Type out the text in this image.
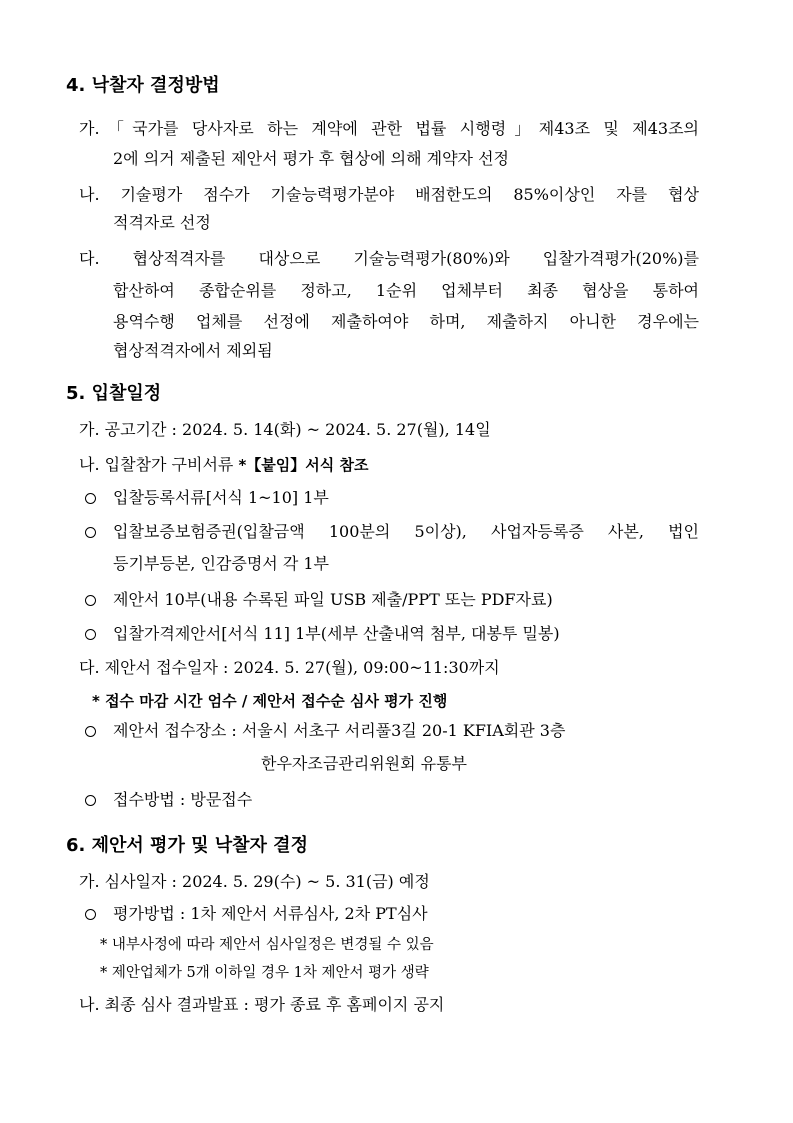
4. 낙찰자 결정방법
가.「국가를 당사자로 하는 계약에 관한 법률 시행령」제43조 및 제43조의
2에 의거 제출된 제안서 평가 후 협상에 의해 계약자 선정
나. 기술평가 점수가 기술능력평가분야 배점한도의 85%이상인 자를 협상
적격자로 선정
다. 협상적격자를 대상으로 기술능력평가(80%)와 입찰가격평가(20%)를
합산하여 종합순위를 정하고, 1순위 업체부터 최종 협상을 통하여
용역수행 업체를 선정에 제출하여야 하며, 제출하지 아니한 경우에는
협상적격자에서 제외됨
5. 입찰일정
가. 공고기간 : 2024. 5. 14(화) ~ 2024. 5. 27(월), 14일
나. 입찰참가 구비서류 *【붙임】서식 참조
입찰등록서류[서식 1~10] 1부
입찰보증보험증권(입찰금액 100분의 5이상), 사업자등록증 사본, 법인
등기부등본, 인감증명서 각 1부
제안서 10부(내용 수록된 파일 USB 제출/PPT 또는 PDF자료)
입찰가격제안서[서식 11] 1부(세부 산출내역 첨부, 대봉투 밀봉)
다. 제안서 접수일자 : 2024. 5. 27(월), 09:00~11:30까지
* 접수 마감 시간 엄수 / 제안서 접수순 심사 평가 진행
제안서 접수장소 : 서울시 서초구 서리풀3길 20-1 KFIA회관 3층
한우자조금관리위원회 유통부
접수방법 : 방문접수
6. 제안서 평가 및 낙찰자 결정
가. 심사일자 : 2024. 5. 29(수) ~ 5. 31(금) 예정
평가방법 : 1차 제안서 서류심사, 2차 PT심사
* 내부사정에 따라 제안서 심사일정은 변경될 수 있음
* 제안업체가 5개 이하일 경우 1차 제안서 평가 생략
나. 최종 심사 결과발표 : 평가 종료 후 홈페이지 공지
